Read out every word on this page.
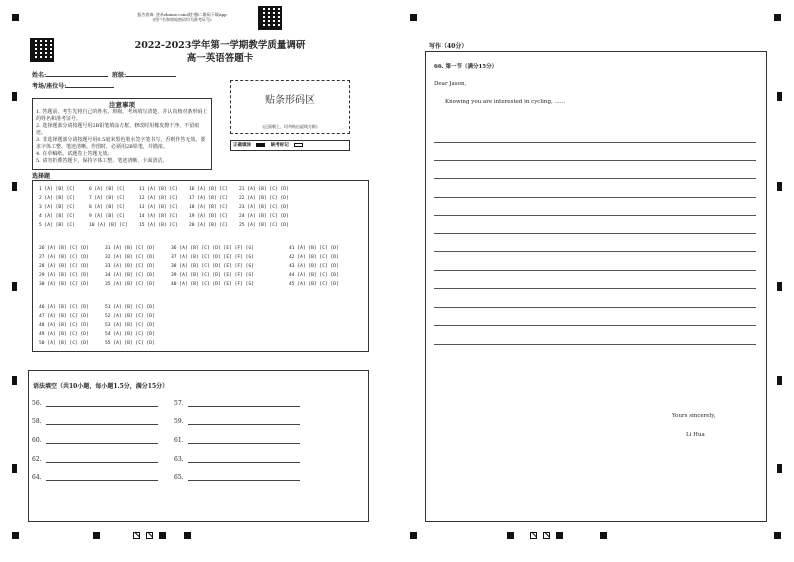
报告查询: 登录zhixue.com或扫描二维码下载App
(用户名和初始密码均为准考证号)
2022-2023学年第一学期教学质量调研
高一英语答题卡
姓名:	班级:
考场/座位号:
注意事项
1. 答题前，考生先将自己的姓名、班级、考场填写清楚，并认真核对条形码上的姓名和准考证号。
2. 选择题部分请按题号用2B铅笔填涂方框，修改时用橡皮擦干净，不留痕迹。
3. 非选择题部分请按题号用0.5毫米黑色墨水签字笔书写，否则作答无效。要求字体工整、笔迹清晰。作图时，必须用2B铅笔，并描浓。
4. 在草稿纸、试题卷上答题无效。
5. 请勿折叠答题卡，保持字体工整、笔迹清晰、卡面清洁。
贴条形码区
(正面朝上，切勿贴出虚线方框)
正确填涂	缺考标记
选择题
1 [A] [B] [C]	6 [A] [B] [C]	11 [A] [B] [C]	16 [A] [B] [C]	21 [A] [B] [C] [D]
2 [A] [B] [C]	7 [A] [B] [C]	12 [A] [B] [C]	17 [A] [B] [C]	22 [A] [B] [C] [D]
3 [A] [B] [C]	8 [A] [B] [C]	13 [A] [B] [C]	18 [A] [B] [C]	23 [A] [B] [C] [D]
4 [A] [B] [C]	9 [A] [B] [C]	14 [A] [B] [C]	19 [A] [B] [C]	24 [A] [B] [C] [D]
5 [A] [B] [C]	10 [A] [B] [C]	15 [A] [B] [C]	20 [A] [B] [C]	25 [A] [B] [C] [D]
26 [A] [B] [C] [D]	31 [A] [B] [C] [D]	36 [A] [B] [C] [D] [E] [F] [G]	41 [A] [B] [C] [D]
27 [A] [B] [C] [D]	32 [A] [B] [C] [D]	37 [A] [B] [C] [D] [E] [F] [G]	42 [A] [B] [C] [D]
28 [A] [B] [C] [D]	33 [A] [B] [C] [D]	38 [A] [B] [C] [D] [E] [F] [G]	43 [A] [B] [C] [D]
29 [A] [B] [C] [D]	34 [A] [B] [C] [D]	39 [A] [B] [C] [D] [E] [F] [G]	44 [A] [B] [C] [D]
30 [A] [B] [C] [D]	35 [A] [B] [C] [D]	40 [A] [B] [C] [D] [E] [F] [G]	45 [A] [B] [C] [D]
46 [A] [B] [C] [D]	51 [A] [B] [C] [D]
47 [A] [B] [C] [D]	52 [A] [B] [C] [D]
48 [A] [B] [C] [D]	53 [A] [B] [C] [D]
49 [A] [B] [C] [D]	54 [A] [B] [C] [D]
50 [A] [B] [C] [D]	55 [A] [B] [C] [D]
语法填空（共10小题，每小题1.5分，满分15分）
56.
58.
60.
62.
64.
57.
59.
61.
63.
65.
写作（40分）
66. 第一节（满分15分）
Dear Jason,
Knowing you are interested in cycling, ......
Yours sincerely,
Li Hua
